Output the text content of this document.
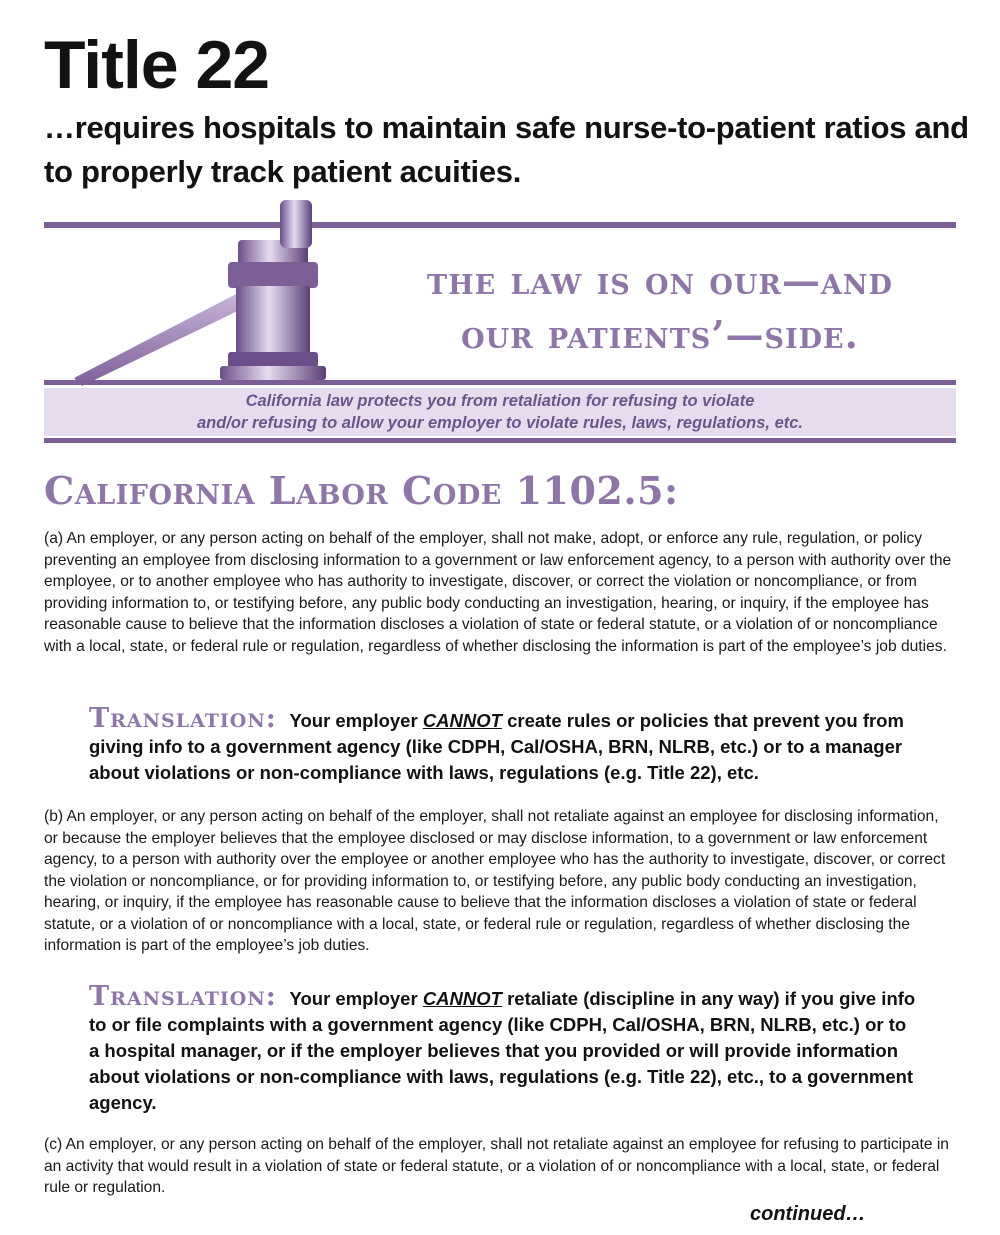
Title 22

…requires hospitals to maintain safe nurse-to-patient ratios and to properly track patient acuities.

the law is on our—and
our patients’—side.

California law protects you from retaliation for refusing to violate
and/or refusing to allow your employer to violate rules, laws, regulations, etc.

California Labor Code 1102.5:

(a) An employer, or any person acting on behalf of the employer, shall not make, adopt, or enforce any rule, regulation, or policy preventing an employee from disclosing information to a government or law enforcement agency, to a person with authority over the employee, or to another employee who has authority to investigate, discover, or correct the violation or noncompliance, or from providing information to, or testifying before, any public body conducting an investigation, hearing, or inquiry, if the employee has reasonable cause to believe that the information discloses a violation of state or federal statute, or a violation of or noncompliance with a local, state, or federal rule or regulation, regardless of whether disclosing the information is part of the employee’s job duties.

Translation: Your employer CANNOT create rules or policies that prevent you from giving info to a government agency (like CDPH, Cal/OSHA, BRN, NLRB, etc.) or to a manager about violations or non-compliance with laws, regulations (e.g. Title 22), etc.

(b) An employer, or any person acting on behalf of the employer, shall not retaliate against an employee for disclosing information, or because the employer believes that the employee disclosed or may disclose information, to a government or law enforcement agency, to a person with authority over the employee or another employee who has the authority to investigate, discover, or correct the violation or noncompliance, or for providing information to, or testifying before, any public body conducting an investigation, hearing, or inquiry, if the employee has reasonable cause to believe that the information discloses a violation of state or federal statute, or a violation of or noncompliance with a local, state, or federal rule or regulation, regardless of whether disclosing the information is part of the employee’s job duties.

Translation: Your employer CANNOT retaliate (discipline in any way) if you give info to or file complaints with a government agency (like CDPH, Cal/OSHA, BRN, NLRB, etc.) or to a hospital manager, or if the employer believes that you provided or will provide information about violations or non-compliance with laws, regulations (e.g. Title 22), etc., to a government agency.

(c) An employer, or any person acting on behalf of the employer, shall not retaliate against an employee for refusing to participate in an activity that would result in a violation of state or federal statute, or a violation of or noncompliance with a local, state, or federal rule or regulation.

continued…
